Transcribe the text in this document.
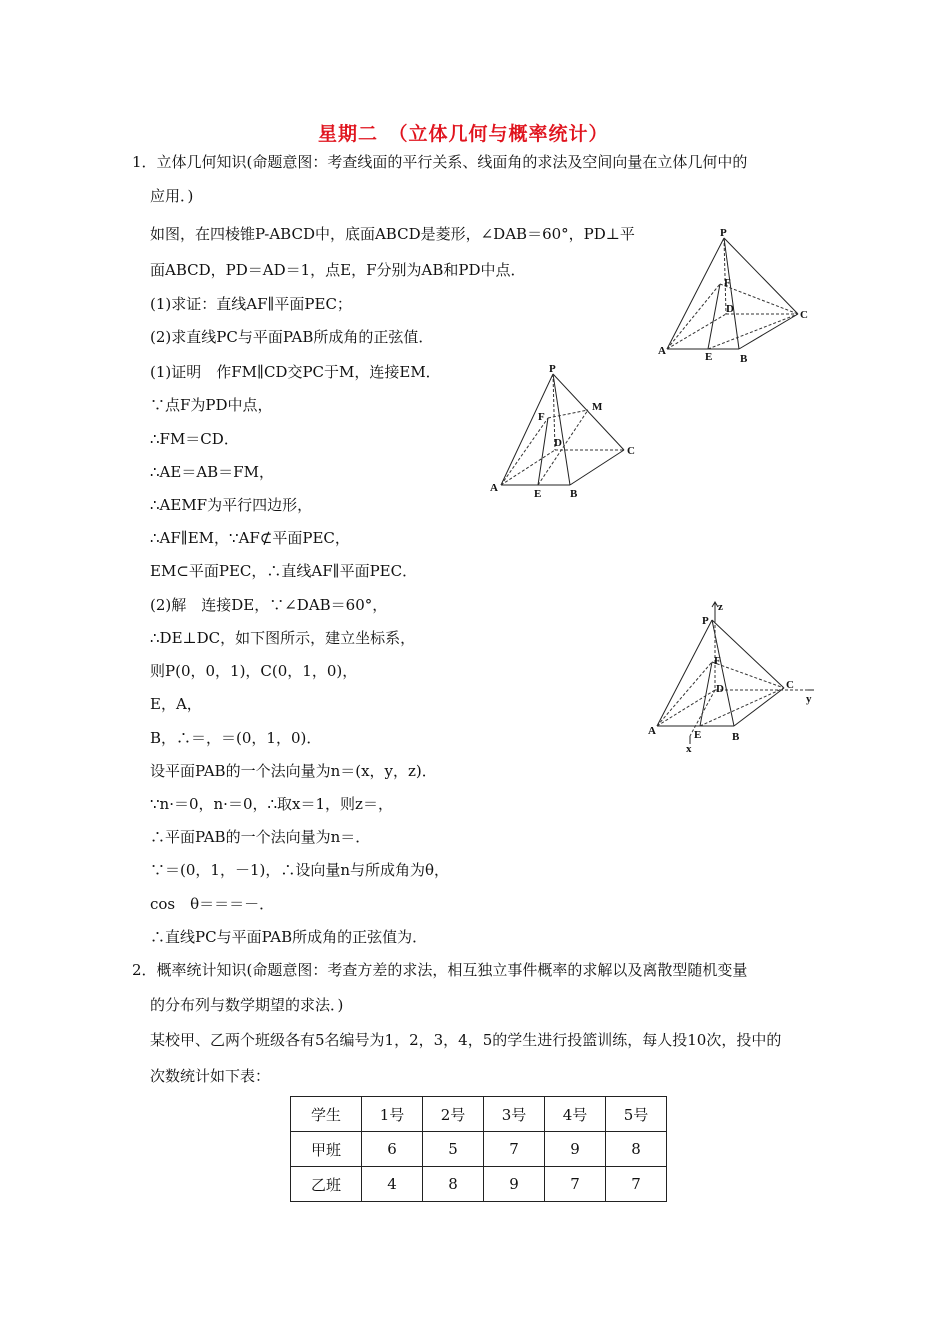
星期二　（立体几何与概率统计）
1．立体几何知识(命题意图：考查线面的平行关系、线面角的求法及空间向量在立体几何中的
应用．)
如图，在四棱锥P-ABCD中，底面ABCD是菱形，∠DAB＝60°，PD⊥平
面ABCD，PD＝AD＝1，点E，F分别为AB和PD中点．
(1)求证：直线AF∥平面PEC；
(2)求直线PC与平面PAB所成角的正弦值．
(1)证明　作FM∥CD交PC于M，连接EM．
∵点F为PD中点，
∴FM＝CD．
∴AE＝AB＝FM，
∴AEMF为平行四边形，
∴AF∥EM，∵AF⊄平面PEC，
EM⊂平面PEC，∴直线AF∥平面PEC．
(2)解　连接DE，∵∠DAB＝60°，
∴DE⊥DC，如下图所示，建立坐标系，
则P(0，0，1)，C(0，1，0)，
E，A，
B，∴＝，＝(0，1，0)．
设平面PAB的一个法向量为n＝(x，y，z)．
∵n·＝0，n·＝0，∴取x＝1，则z＝，
∴平面PAB的一个法向量为n＝．
∵＝(0，1，－1)，∴设向量n与所成角为θ，
cos　θ＝＝＝－．
∴直线PC与平面PAB所成角的正弦值为．
P
F
D	C
A	E	B
P
F
M
D
C
A	E	B
z
P
F
D	C
y
A	E	B
x
2．概率统计知识(命题意图：考查方差的求法，相互独立事件概率的求解以及离散型随机变量
的分布列与数学期望的求法．)
某校甲、乙两个班级各有5名编号为1，2，3，4，5的学生进行投篮训练，每人投10次，投中的
次数统计如下表：
学生	1号	2号	3号	4号	5号
甲班	6	5	7	9	8
乙班	4	8	9	7	7
